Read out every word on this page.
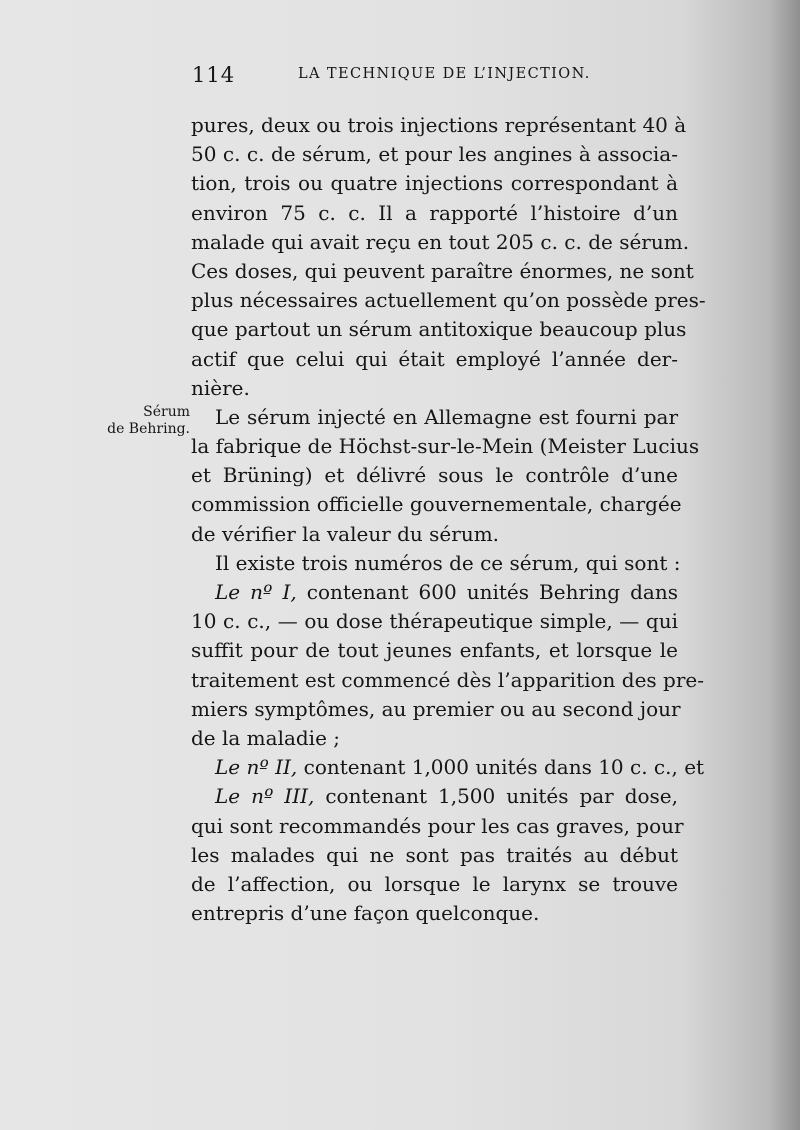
114	LA TECHNIQUE DE L’INJECTION.
Sérum
de Behring.
pures, deux ou trois injections représentant 40 à
50 c. c. de sérum, et pour les angines à associa-
tion, trois ou quatre injections correspondant à
environ 75 c. c. Il a rapporté l’histoire d’un
malade qui avait reçu en tout 205 c. c. de sérum.
Ces doses, qui peuvent paraître énormes, ne sont
plus nécessaires actuellement qu’on possède pres-
que partout un sérum antitoxique beaucoup plus
actif que celui qui était employé l’année der-
nière.
Le sérum injecté en Allemagne est fourni par
la fabrique de Höchst-sur-le-Mein (Meister Lucius
et Brüning) et délivré sous le contrôle d’une
commission officielle gouvernementale, chargée
de vérifier la valeur du sérum.
Il existe trois numéros de ce sérum, qui sont :
Le nº I, contenant 600 unités Behring dans
10 c. c., — ou dose thérapeutique simple, — qui
suffit pour de tout jeunes enfants, et lorsque le
traitement est commencé dès l’apparition des pre-
miers symptômes, au premier ou au second jour
de la maladie ;
Le nº II, contenant 1,000 unités dans 10 c. c., et
Le nº III, contenant 1,500 unités par dose,
qui sont recommandés pour les cas graves, pour
les malades qui ne sont pas traités au début
de l’affection, ou lorsque le larynx se trouve
entrepris d’une façon quelconque.
